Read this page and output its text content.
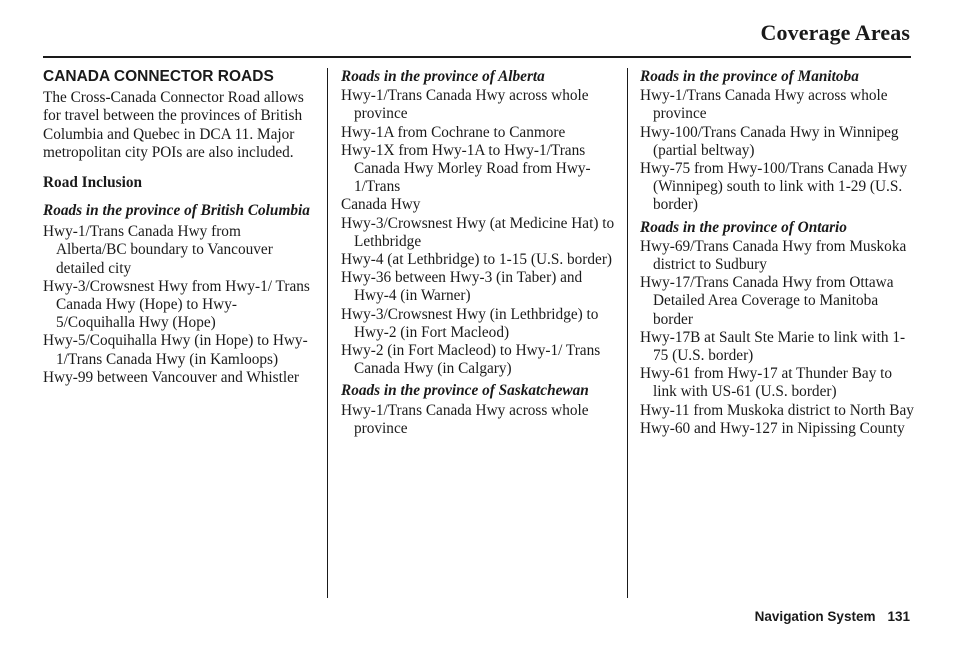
Coverage Areas
CANADA CONNECTOR ROADS

The Cross-Canada Connector Road allows for travel between the provinces of British Columbia and Quebec in DCA 11. Major metropolitan city POIs are also included.

Road Inclusion
Roads in the province of British Columbia
Hwy-1/Trans Canada Hwy from Alberta/BC boundary to Vancouver detailed city
Hwy-3/Crowsnest Hwy from Hwy-1/ Trans Canada Hwy (Hope) to Hwy-5/Coquihalla Hwy (Hope)
Hwy-5/Coquihalla Hwy (in Hope) to Hwy-1/Trans Canada Hwy (in Kamloops)
Hwy-99 between Vancouver and Whistler
Roads in the province of Alberta
Hwy-1/Trans Canada Hwy across whole province
Hwy-1A from Cochrane to Canmore
Hwy-1X from Hwy-1A to Hwy-1/Trans Canada Hwy Morley Road from Hwy-1/Trans
Canada Hwy
Hwy-3/Crowsnest Hwy (at Medicine Hat) to Lethbridge
Hwy-4 (at Lethbridge) to 1-15 (U.S. border)
Hwy-36 between Hwy-3 (in Taber) and Hwy-4 (in Warner)
Hwy-3/Crowsnest Hwy (in Lethbridge) to Hwy-2 (in Fort Macleod)
Hwy-2 (in Fort Macleod) to Hwy-1/ Trans Canada Hwy (in Calgary)
Roads in the province of Saskatchewan
Hwy-1/Trans Canada Hwy across whole province
Roads in the province of Manitoba
Hwy-1/Trans Canada Hwy across whole province
Hwy-100/Trans Canada Hwy in Winnipeg (partial beltway)
Hwy-75 from Hwy-100/Trans Canada Hwy (Winnipeg) south to link with 1-29 (U.S. border)
Roads in the province of Ontario
Hwy-69/Trans Canada Hwy from Muskoka district to Sudbury
Hwy-17/Trans Canada Hwy from Ottawa Detailed Area Coverage to Manitoba border
Hwy-17B at Sault Ste Marie to link with 1-75 (U.S. border)
Hwy-61 from Hwy-17 at Thunder Bay to link with US-61 (U.S. border)
Hwy-11 from Muskoka district to North Bay
Hwy-60 and Hwy-127 in Nipissing County
Navigation System 131
